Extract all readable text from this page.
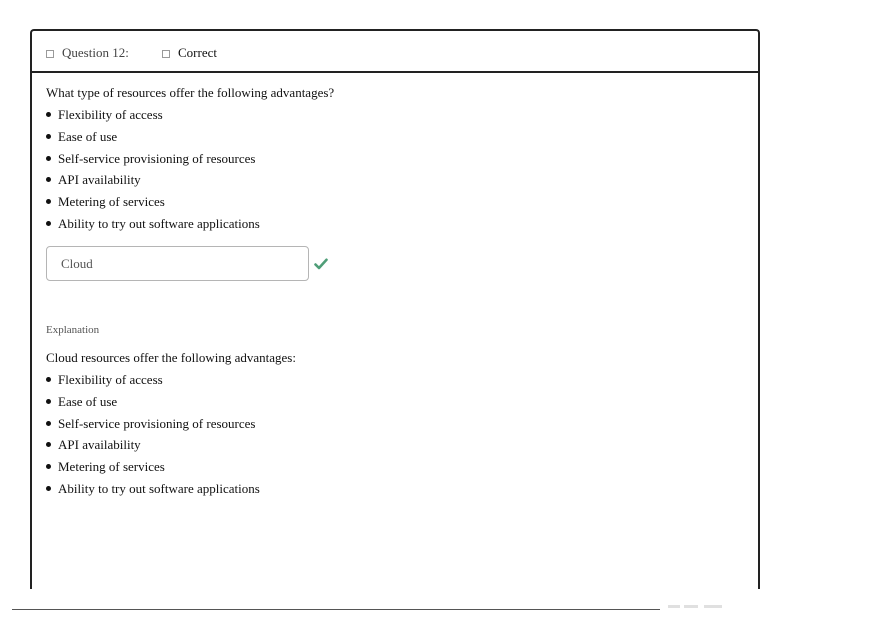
Question 12:	Correct
What type of resources offer the following advantages?
Flexibility of access
Ease of use
Self-service provisioning of resources
API availability
Metering of services
Ability to try out software applications
Cloud
Explanation
Cloud resources offer the following advantages:
Flexibility of access
Ease of use
Self-service provisioning of resources
API availability
Metering of services
Ability to try out software applications
